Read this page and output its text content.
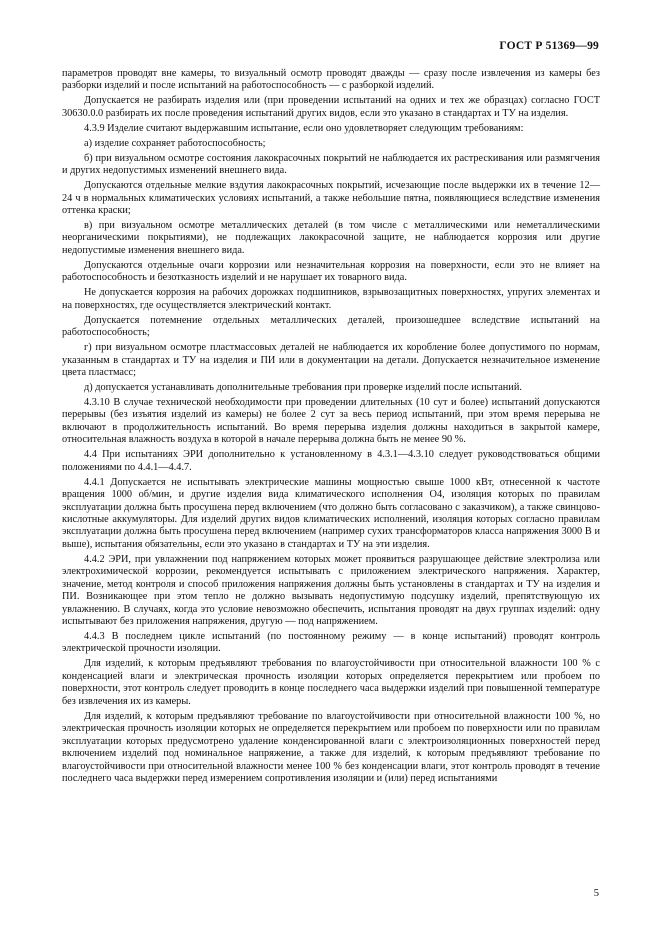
ГОСТ Р 51369—99

параметров проводят вне камеры, то визуальный осмотр проводят дважды — сразу после извлечения из камеры без разборки изделий и после испытаний на работоспособность — с разборкой изделий.

Допускается не разбирать изделия или (при проведении испытаний на одних и тех же образцах) согласно ГОСТ 30630.0.0 разбирать их после проведения испытаний других видов, если это указано в стандартах и ТУ на изделия.

4.3.9 Изделие считают выдержавшим испытание, если оно удовлетворяет следующим требованиям:

а) изделие сохраняет работоспособность;

б) при визуальном осмотре состояния лакокрасочных покрытий не наблюдается их растрескивания или размягчения и других недопустимых изменений внешнего вида.

Допускаются отдельные мелкие вздутия лакокрасочных покрытий, исчезающие после выдержки их в течение 12—24 ч в нормальных климатических условиях испытаний, а также небольшие пятна, появляющиеся вследствие изменения оттенка краски;

в) при визуальном осмотре металлических деталей (в том числе с металлическими или неметаллическими неорганическими покрытиями), не подлежащих лакокрасочной защите, не наблюдается коррозия или другие недопустимые изменения внешнего вида.

Допускаются отдельные очаги коррозии или незначительная коррозия на поверхности, если это не влияет на работоспособность и безотказность изделий и не нарушает их товарного вида.

Не допускается коррозия на рабочих дорожках подшипников, взрывозащитных поверхностях, упругих элементах и на поверхностях, где осуществляется электрический контакт.

Допускается потемнение отдельных металлических деталей, произошедшее вследствие испытаний на работоспособность;

г) при визуальном осмотре пластмассовых деталей не наблюдается их коробление более допустимого по нормам, указанным в стандартах и ТУ на изделия и ПИ или в документации на детали. Допускается незначительное изменение цвета пластмасс;

д) допускается устанавливать дополнительные требования при проверке изделий после испытаний.

4.3.10 В случае технической необходимости при проведении длительных (10 сут и более) испытаний допускаются перерывы (без изъятия изделий из камеры) не более 2 сут за весь период испытаний, при этом время перерыва не включают в продолжительность испытаний. Во время перерыва изделия должны находиться в закрытой камере, относительная влажность воздуха в которой в начале перерыва должна быть не менее 90 %.

4.4 При испытаниях ЭРИ дополнительно к установленному в 4.3.1—4.3.10 следует руководствоваться общими положениями по 4.4.1—4.4.7.

4.4.1 Допускается не испытывать электрические машины мощностью свыше 1000 кВт, отнесенной к частоте вращения 1000 об/мин, и другие изделия вида климатического исполнения О4, изоляция которых по правилам эксплуатации должна быть просушена перед включением (что должно быть согласовано с заказчиком), а также свинцово-кислотные аккумуляторы. Для изделий других видов климатических исполнений, изоляция которых согласно правилам эксплуатации должна быть просушена перед включением (например сухих трансформаторов класса напряжения 3000 В и выше), испытания обязательны, если это указано в стандартах и ТУ на эти изделия.

4.4.2 ЭРИ, при увлажнении под напряжением которых может проявиться разрушающее действие электролиза или электрохимической коррозии, рекомендуется испытывать с приложением электрического напряжения. Характер, значение, метод контроля и способ приложения напряжения должны быть установлены в стандартах и ТУ на изделия и ПИ. Возникающее при этом тепло не должно вызывать недопустимую подсушку изделий, препятствующую их увлажнению. В случаях, когда это условие невозможно обеспечить, испытания проводят на двух группах изделий: одну испытывают без приложения напряжения, другую — под напряжением.

4.4.3 В последнем цикле испытаний (по постоянному режиму — в конце испытаний) проводят контроль электрической прочности изоляции.

Для изделий, к которым предъявляют требования по влагоустойчивости при относительной влажности 100 % с конденсацией влаги и электрическая прочность изоляции которых определяется перекрытием или пробоем по поверхности, этот контроль следует проводить в конце последнего часа выдержки изделий при повышенной температуре без извлечения их из камеры.

Для изделий, к которым предъявляют требование по влагоустойчивости при относительной влажности 100 %, но электрическая прочность изоляции которых не определяется перекрытием или пробоем по поверхности или по правилам эксплуатации которых предусмотрено удаление конденсированной влаги с электроизоляционных поверхностей перед включением изделий под номинальное напряжение, а также для изделий, к которым предъявляют требование по влагоустойчивости при относительной влажности менее 100 % без конденсации влаги, этот контроль проводят в течение последнего часа выдержки перед измерением сопротивления изоляции и (или) перед испытаниями

5
